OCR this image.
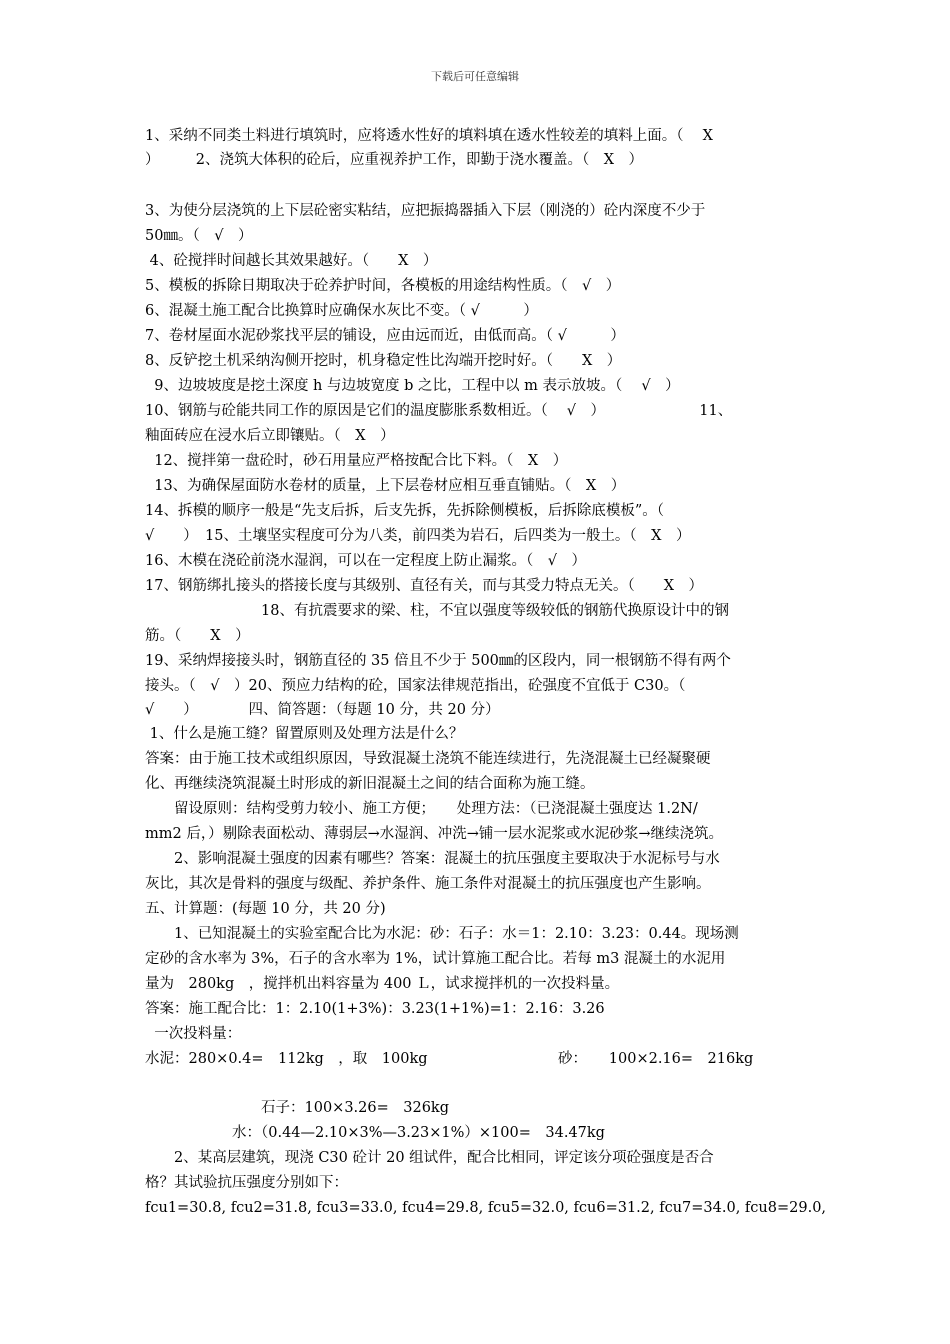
下载后可任意编辑
1、采纳不同类土料进行填筑时，应将透水性好的填料填在透水性较差的填料上面。（　 X
）　　　2、浇筑大体积的砼后，应重视养护工作，即勤于浇水覆盖。（　X　）
3、为使分层浇筑的上下层砼密实粘结，应把振捣器插入下层（刚浇的）砼内深度不少于
50㎜。（　√　）
4、砼搅拌时间越长其效果越好。（　　X　）
5、模板的拆除日期取决于砼养护时间，各模板的用途结构性质。（　√　）
6、混凝土施工配合比换算时应确保水灰比不变。（ √　　　）
7、卷材屋面水泥砂浆找平层的铺设，应由远而近，由低而高。（ √　　　）
8、反铲挖土机采纳沟侧开挖时，机身稳定性比沟端开挖时好。（　　X　）
9、边坡坡度是挖土深度 h 与边坡宽度 b 之比，工程中以 m 表示放坡。（　 √　）
10、钢筋与砼能共同工作的原因是它们的温度膨胀系数相近。（　 √　）　　　　　　　11、
釉面砖应在浸水后立即镶贴。（　X　）
12、搅拌第一盘砼时，砂石用量应严格按配合比下料。（　X　）
13、为确保屋面防水卷材的质量，上下层卷材应相互垂直铺贴。（　X　）
14、拆模的顺序一般是“先支后拆，后支先拆，先拆除侧模板，后拆除底模板”。（
√　　）　15、土壤坚实程度可分为八类，前四类为岩石，后四类为一般土。（　X　）
16、木模在浇砼前浇水湿润，可以在一定程度上防止漏浆。（　√　）
17、钢筋绑扎接头的搭接长度与其级别、直径有关，而与其受力特点无关。（　　X　）
　　　　　　　　18、有抗震要求的梁、柱，不宜以强度等级较低的钢筋代换原设计中的钢
筋。（　　X　）
19、采纳焊接接头时，钢筋直径的 35 倍且不少于 500㎜的区段内，同一根钢筋不得有两个
接头。（　√　）20、预应力结构的砼，国家法律规范指出，砼强度不宜低于 C30。（
√　　）　　　　四、简答题：（每题 10 分，共 20 分）
1、什么是施工缝？留置原则及处理方法是什么？
答案：由于施工技术或组织原因，导致混凝土浇筑不能连续进行，先浇混凝土已经凝聚硬
化、再继续浇筑混凝土时形成的新旧混凝土之间的结合面称为施工缝。
　　留设原则：结构受剪力较小、施工方便；　　处理方法：（已浇混凝土强度达 1.2N/
mm2 后，）剔除表面松动、薄弱层→水湿润、冲洗→铺一层水泥浆或水泥砂浆→继续浇筑。
　　2、影响混凝土强度的因素有哪些？答案：混凝土的抗压强度主要取决于水泥标号与水
灰比，其次是骨料的强度与级配、养护条件、施工条件对混凝土的抗压强度也产生影响。
五、计算题：(每题 10 分，共 20 分)
　　1、已知混凝土的实验室配合比为水泥：砂：石子：水＝1：2.10：3.23：0.44。现场测
定砂的含水率为 3%，石子的含水率为 1%，试计算施工配合比。若每 m3 混凝土的水泥用
量为　280kg　，搅拌机出料容量为 400 Ｌ，试求搅拌机的一次投料量。
答案：施工配合比：1：2.10(1+3%)：3.23(1+1%)=1：2.16：3.26
一次投料量：
水泥：280×0.4=　112kg　，取　100kg　　　　　　　　　砂：　　100×2.16=　216kg
　　　　　　　　石子：100×3.26=　326kg
　　　　　　水：（0.44—2.10×3%—3.23×1%）×100=　34.47kg
　　2、某高层建筑，现浇 C30 砼计 20 组试件，配合比相同，评定该分项砼强度是否合
格？其试验抗压强度分别如下：
fcu1=30.8, fcu2=31.8, fcu3=33.0, fcu4=29.8, fcu5=32.0, fcu6=31.2, fcu7=34.0, fcu8=29.0,
